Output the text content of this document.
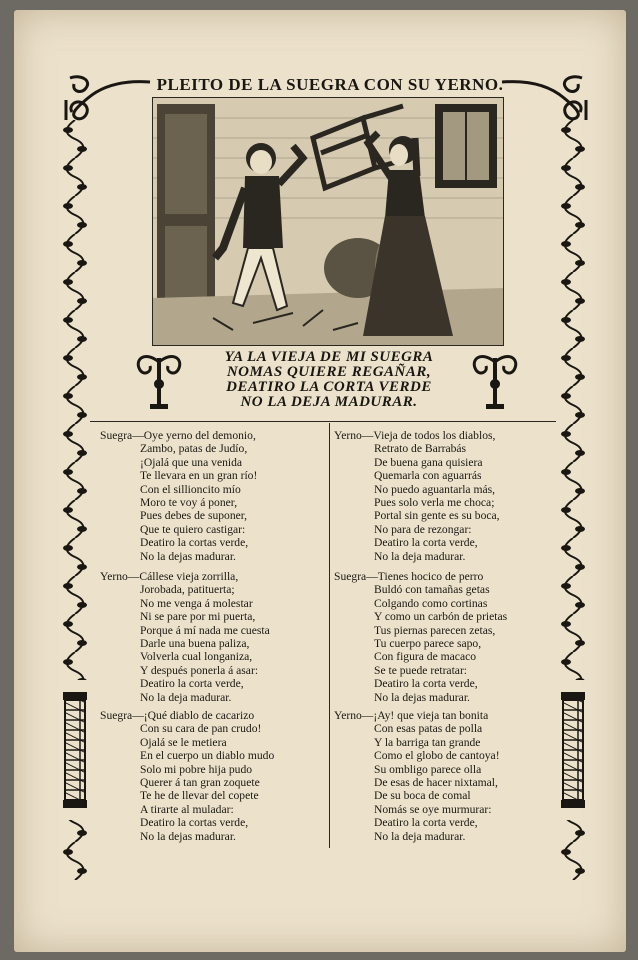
PLEITO DE LA SUEGRA CON SU YERNO.
YA LA VIEJA DE MI SUEGRA
NOMAS QUIERE REGAÑAR,
DEATIRO LA CORTA VERDE
NO LA DEJA MADURAR.
Suegra—Oye yerno del demonio,
Zambo, patas de Judío,
¡Ojalá que una venida
Te llevara en un gran río!
Con el sillioncito mío
Moro te voy á poner,
Pues debes de suponer,
Que te quiero castigar:
Deatiro la cortas verde,
No la dejas madurar.
Yerno—Cállese vieja zorrilla,
Jorobada, patituerta;
No me venga á molestar
Ni se pare por mi puerta,
Porque á mí nada me cuesta
Darle una buena paliza,
Volverla cual longaniza,
Y después ponerla á asar:
Deatiro la corta verde,
No la deja madurar.
Suegra—¡Qué diablo de cacarizo
Con su cara de pan crudo!
Ojalá se le metiera
En el cuerpo un diablo mudo
Solo mi pobre hija pudo
Querer á tan gran zoquete
Te he de llevar del copete
A tirarte al muladar:
Deatiro la cortas verde,
No la dejas madurar.
Yerno—Vieja de todos los diablos,
Retrato de Barrabás
De buena gana quisiera
Quemarla con aguarrás
No puedo aguantarla más,
Pues solo verla me choca;
Portal sin gente es su boca,
No para de rezongar:
Deatiro la corta verde,
No la deja madurar.
Suegra—Tienes hocico de perro
Buldó con tamañas getas
Colgando como cortinas
Y como un carbón de prietas
Tus piernas parecen zetas,
Tu cuerpo parece sapo,
Con figura de macaco
Se te puede retratar:
Deatiro la corta verde,
No la dejas madurar.
Yerno—¡Ay! que vieja tan bonita
Con esas patas de polla
Y la barriga tan grande
Como el globo de cantoya!
Su ombligo parece olla
De esas de hacer nixtamal,
De su boca de comal
Nomás se oye murmurar:
Deatiro la corta verde,
No la deja madurar.
